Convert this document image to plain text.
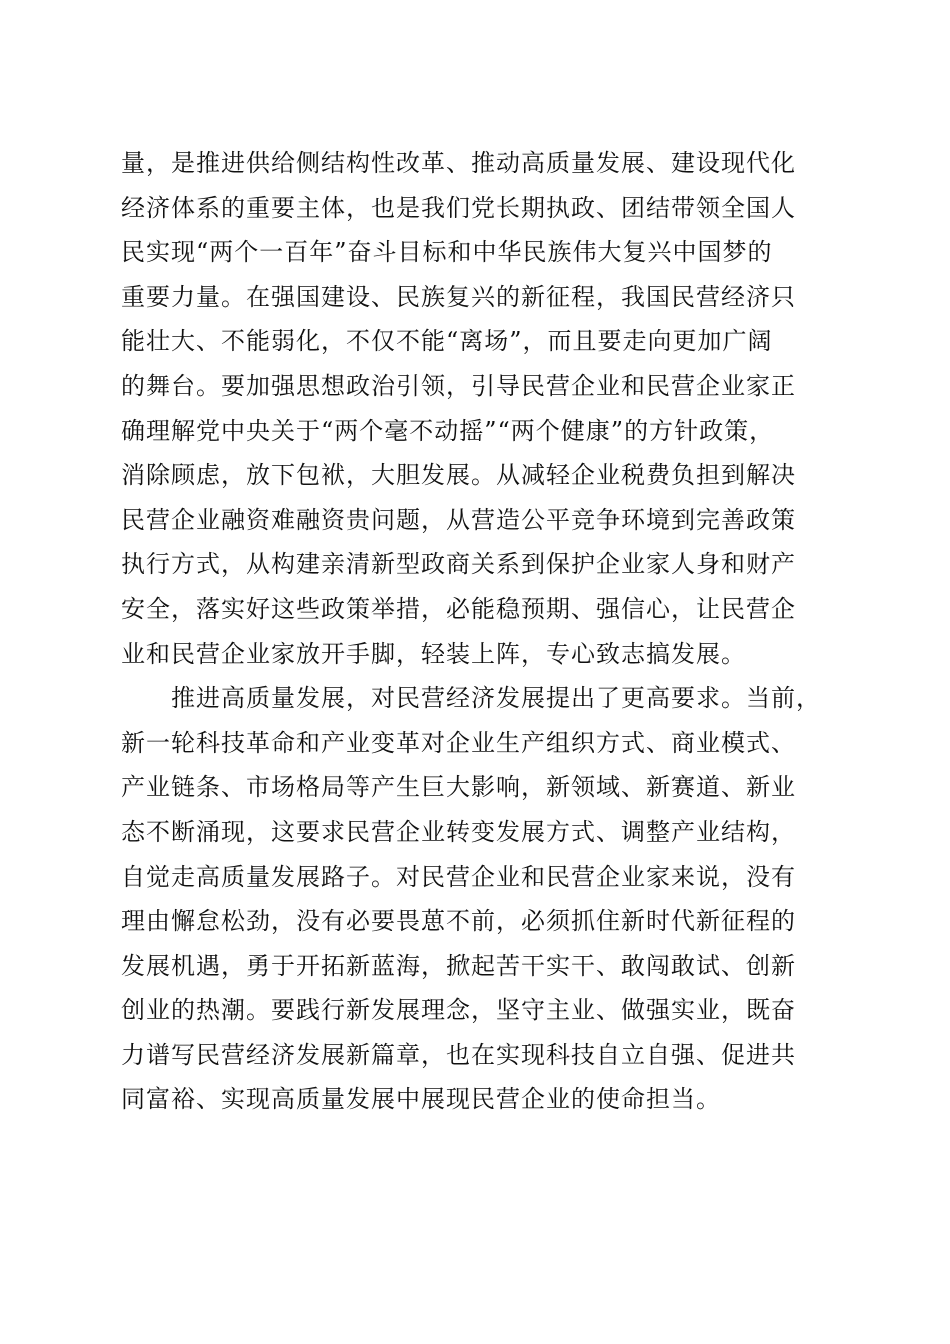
量，是推进供给侧结构性改革、推动高质量发展、建设现代化
经济体系的重要主体，也是我们党长期执政、团结带领全国人
民实现“两个一百年”奋斗目标和中华民族伟大复兴中国梦的
重要力量。在强国建设、民族复兴的新征程，我国民营经济只
能壮大、不能弱化，不仅不能“离场”，而且要走向更加广阔
的舞台。要加强思想政治引领，引导民营企业和民营企业家正
确理解党中央关于“两个毫不动摇”“两个健康”的方针政策，
消除顾虑，放下包袱，大胆发展。从减轻企业税费负担到解决
民营企业融资难融资贵问题，从营造公平竞争环境到完善政策
执行方式，从构建亲清新型政商关系到保护企业家人身和财产
安全，落实好这些政策举措，必能稳预期、强信心，让民营企
业和民营企业家放开手脚，轻装上阵，专心致志搞发展。
　　推进高质量发展，对民营经济发展提出了更高要求。当前，
新一轮科技革命和产业变革对企业生产组织方式、商业模式、
产业链条、市场格局等产生巨大影响，新领域、新赛道、新业
态不断涌现，这要求民营企业转变发展方式、调整产业结构，
自觉走高质量发展路子。对民营企业和民营企业家来说，没有
理由懈怠松劲，没有必要畏葸不前，必须抓住新时代新征程的
发展机遇，勇于开拓新蓝海，掀起苦干实干、敢闯敢试、创新
创业的热潮。要践行新发展理念，坚守主业、做强实业，既奋
力谱写民营经济发展新篇章，也在实现科技自立自强、促进共
同富裕、实现高质量发展中展现民营企业的使命担当。
